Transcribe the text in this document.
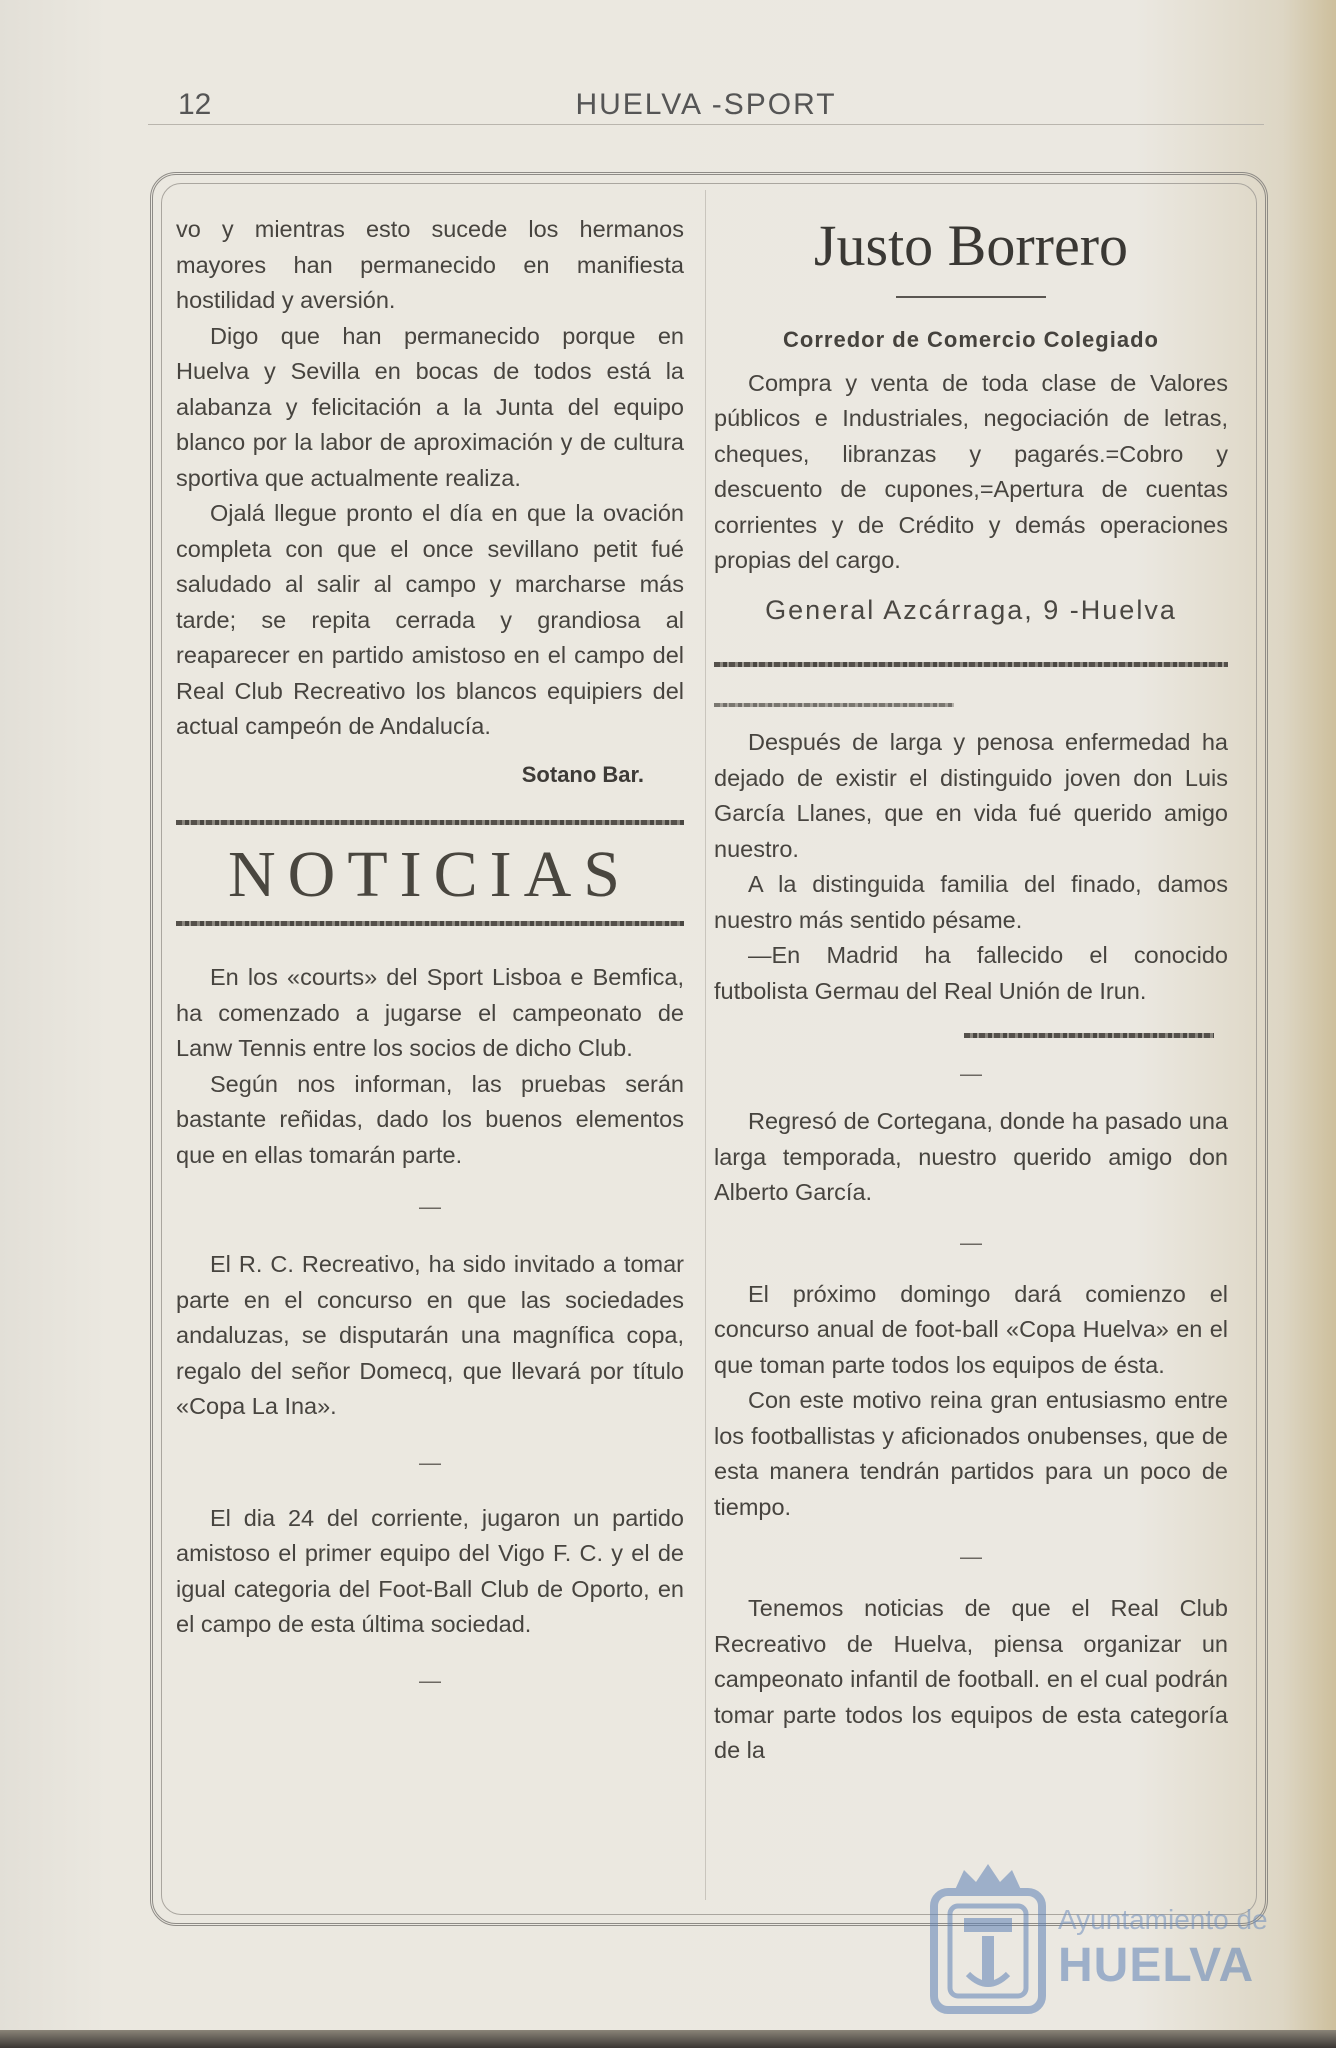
12	HUELVA -SPORT

vo y mientras esto sucede los hermanos mayores han permanecido en manifiesta hostilidad y aversión.

Digo que han permanecido porque en Huelva y Sevilla en bocas de todos está la alabanza y felicitación a la Junta del equipo blanco por la labor de aproximación y de cultura sportiva que actualmente realiza.

Ojalá llegue pronto el día en que la ovación completa con que el once sevillano petit fué saludado al salir al campo y marcharse más tarde; se repita cerrada y grandiosa al reaparecer en partido amistoso en el campo del Real Club Recreativo los blancos equipiers del actual campeón de Andalucía.

Sotano Bar.
NOTICIAS

En los «courts» del Sport Lisboa e Bemfica, ha comenzado a jugarse el campeonato de Lanw Tennis entre los socios de dicho Club.

Según nos informan, las pruebas serán bastante reñidas, dado los buenos elementos que en ellas tomarán parte.

—

El R. C. Recreativo, ha sido invitado a tomar parte en el concurso en que las sociedades andaluzas, se disputarán una magnífica copa, regalo del señor Domecq, que llevará por título «Copa La Ina».

—

El dia 24 del corriente, jugaron un partido amistoso el primer equipo del Vigo F. C. y el de igual categoria del Foot-Ball Club de Oporto, en el campo de esta última sociedad.

—
Justo Borrero
Corredor de Comercio Colegiado

Compra y venta de toda clase de Valores públicos e Industriales, negociación de letras, cheques, libranzas y pagarés.=Cobro y descuento de cupones,=Apertura de cuentas corrientes y de Crédito y demás operaciones propias del cargo.

General Azcárraga, 9 -Huelva

Después de larga y penosa enfermedad ha dejado de existir el distinguido joven don Luis García Llanes, que en vida fué querido amigo nuestro.

A la distinguida familia del finado, damos nuestro más sentido pésame.

—En Madrid ha fallecido el conocido futbolista Germau del Real Unión de Irun.

—

Regresó de Cortegana, donde ha pasado una larga temporada, nuestro querido amigo don Alberto García.

—

El próximo domingo dará comienzo el concurso anual de foot-ball «Copa Huelva» en el que toman parte todos los equipos de ésta.

Con este motivo reina gran entusiasmo entre los footballistas y aficionados onubenses, que de esta manera tendrán partidos para un poco de tiempo.

—

Tenemos noticias de que el Real Club Recreativo de Huelva, piensa organizar un campeonato infantil de football. en el cual podrán tomar parte todos los equipos de esta categoría de la

Ayuntamiento de
HUELVA
